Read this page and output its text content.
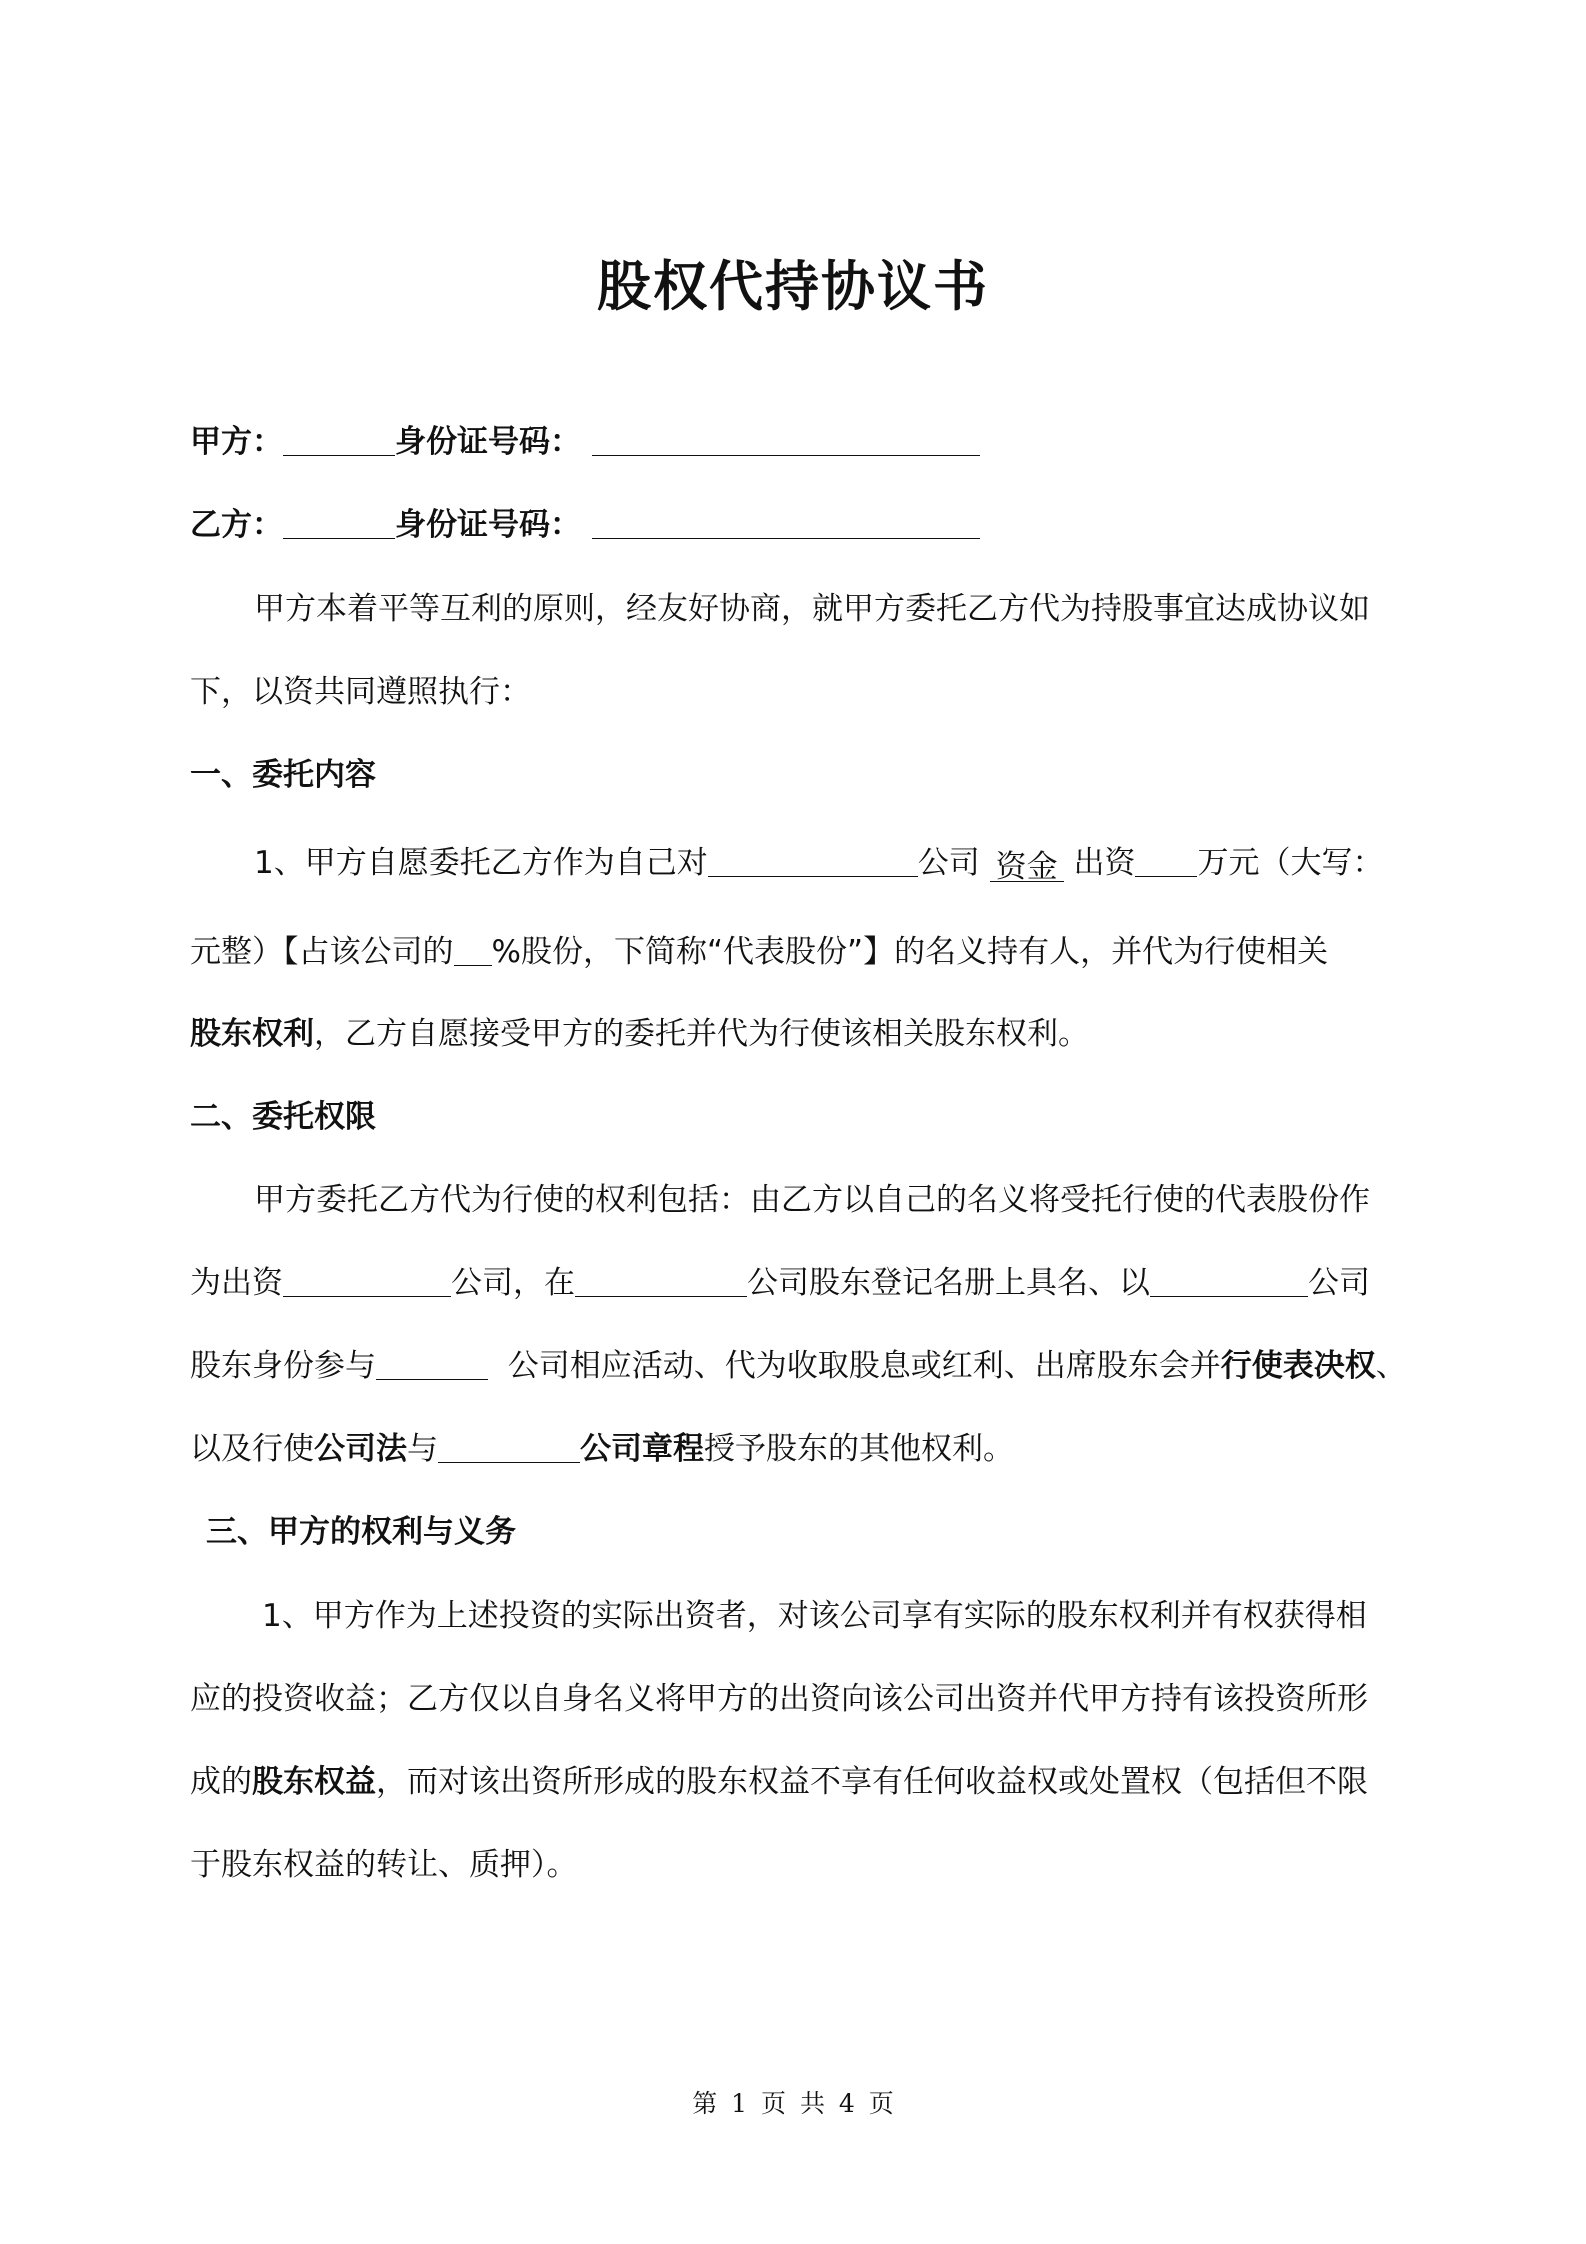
股权代持协议书
甲方：	身份证号码：
乙方：	身份证号码：
甲方本着平等互利的原则，经友好协商，就甲方委托乙方代为持股事宜达成协议如
下，以资共同遵照执行：
一、委托内容
1、甲方自愿委托乙方作为自己对	公司 资金 出资 万元（大写：
元整）【占该公司的 %股份，下简称“代表股份”】的名义持有人，并代为行使相关
股东权利，乙方自愿接受甲方的委托并代为行使该相关股东权利。
二、委托权限
甲方委托乙方代为行使的权利包括：由乙方以自己的名义将受托行使的代表股份作
为出资	公司，在	公司股东登记名册上具名、以	公司
股东身份参与	公司相应活动、代为收取股息或红利、出席股东会并行使表决权、
以及行使公司法与	公司章程授予股东的其他权利。
三、甲方的权利与义务
1、甲方作为上述投资的实际出资者，对该公司享有实际的股东权利并有权获得相
应的投资收益；乙方仅以自身名义将甲方的出资向该公司出资并代甲方持有该投资所形
成的股东权益，而对该出资所形成的股东权益不享有任何收益权或处置权（包括但不限
于股东权益的转让、质押）。
第 1 页 共 4 页
